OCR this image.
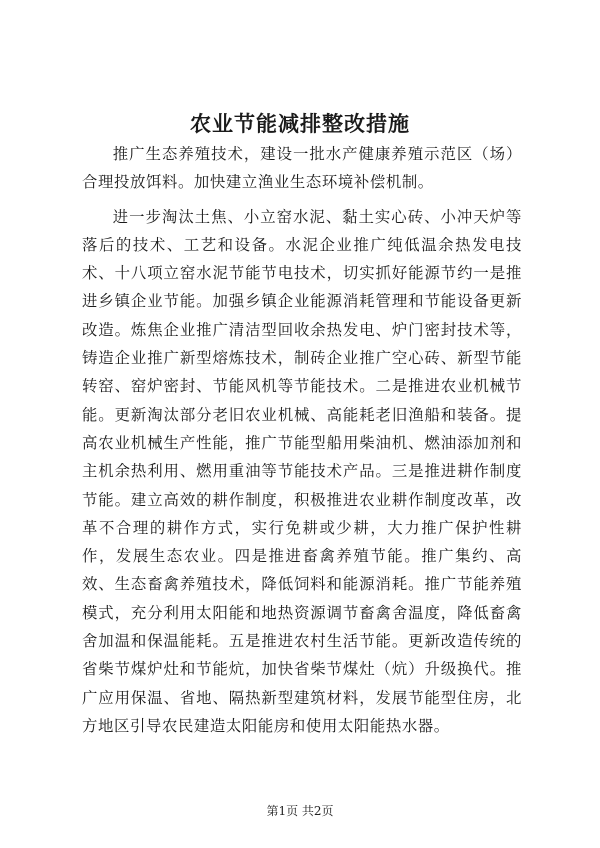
农业节能减排整改措施

推广生态养殖技术，建设一批水产健康养殖示范区（场）合理投放饵料。加快建立渔业生态环境补偿机制。

进一步淘汰土焦、小立窑水泥、黏土实心砖、小冲天炉等落后的技术、工艺和设备。水泥企业推广纯低温余热发电技术、十八项立窑水泥节能节电技术，切实抓好能源节约一是推进乡镇企业节能。加强乡镇企业能源消耗管理和节能设备更新改造。炼焦企业推广清洁型回收余热发电、炉门密封技术等，铸造企业推广新型熔炼技术，制砖企业推广空心砖、新型节能转窑、窑炉密封、节能风机等节能技术。二是推进农业机械节能。更新淘汰部分老旧农业机械、高能耗老旧渔船和装备。提高农业机械生产性能，推广节能型船用柴油机、燃油添加剂和主机余热利用、燃用重油等节能技术产品。三是推进耕作制度节能。建立高效的耕作制度，积极推进农业耕作制度改革，改革不合理的耕作方式，实行免耕或少耕，大力推广保护性耕作，发展生态农业。四是推进畜禽养殖节能。推广集约、高效、生态畜禽养殖技术，降低饲料和能源消耗。推广节能养殖模式，充分利用太阳能和地热资源调节畜禽舍温度，降低畜禽舍加温和保温能耗。五是推进农村生活节能。更新改造传统的省柴节煤炉灶和节能炕，加快省柴节煤灶（炕）升级换代。推广应用保温、省地、隔热新型建筑材料，发展节能型住房，北方地区引导农民建造太阳能房和使用太阳能热水器。

第1页 共2页
